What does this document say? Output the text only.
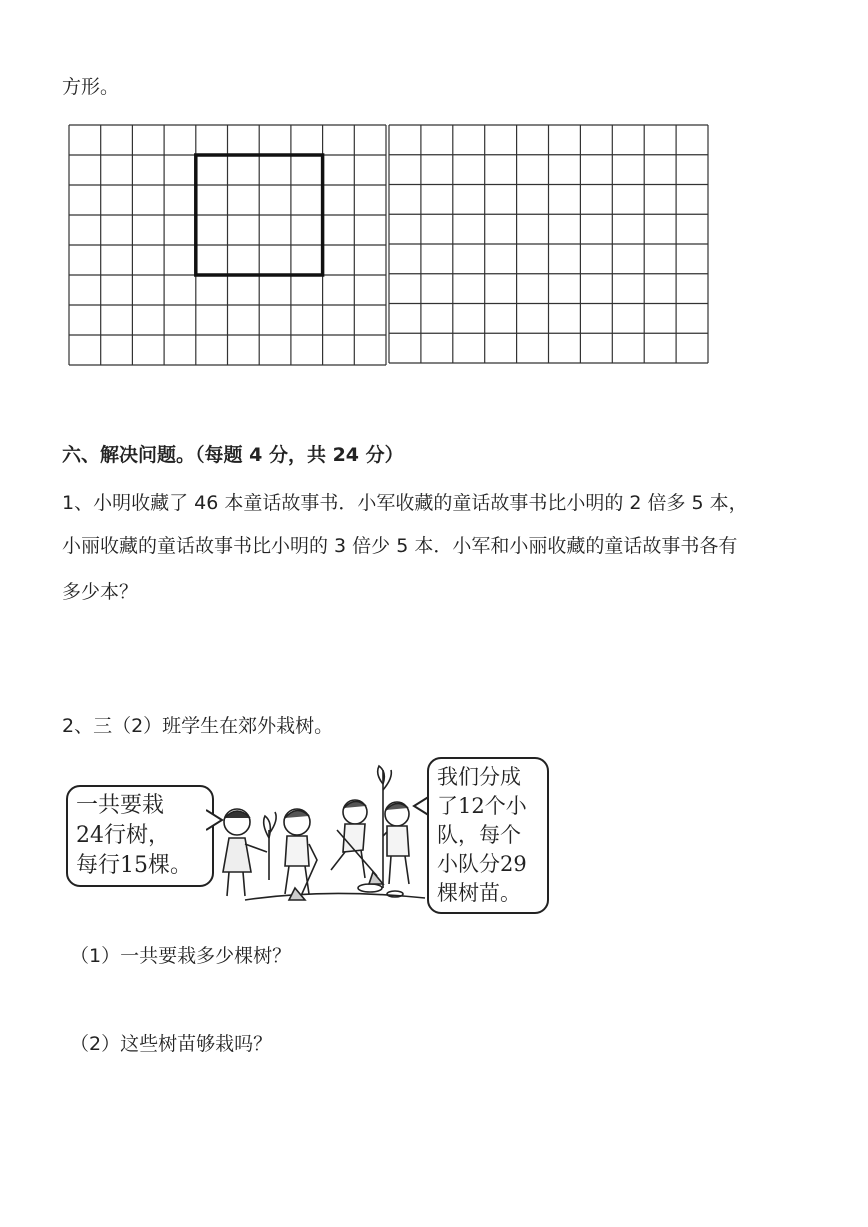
方形。
六、解决问题。（每题 4 分，共 24 分）
1、小明收藏了 46 本童话故事书．小军收藏的童话故事书比小明的 2 倍多 5 本，
小丽收藏的童话故事书比小明的 3 倍少 5 本．小军和小丽收藏的童话故事书各有
多少本？
2、三（2）班学生在郊外栽树。
一共要栽
24行树，
每行15棵。
我们分成
了12个小
队，每个
小队分29
棵树苗。
（1）一共要栽多少棵树？
（2）这些树苗够栽吗？
